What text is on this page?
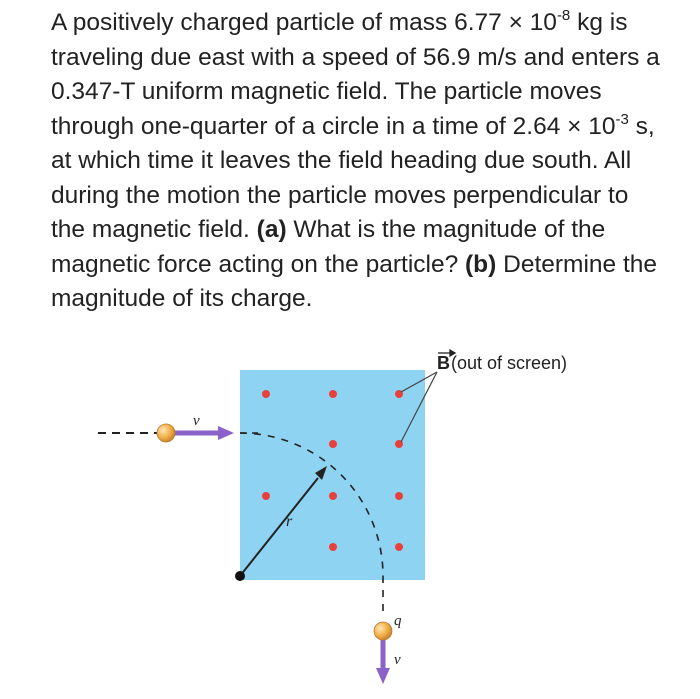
A positively charged particle of mass $6.77 \times 10^{-8}$ kg is traveling due east with a speed of 56.9 m/s and enters a 0.347-T uniform magnetic field. The particle moves through one-quarter of a circle in a time of $2.64 \times 10^{-3}$ s, at which time it leaves the field heading due south. All during the motion the particle moves perpendicular to the magnetic field. (a) What is the magnitude of the magnetic force acting on the particle? (b) Determine the magnitude of its charge.
B (out of screen)
r
v
q
v
